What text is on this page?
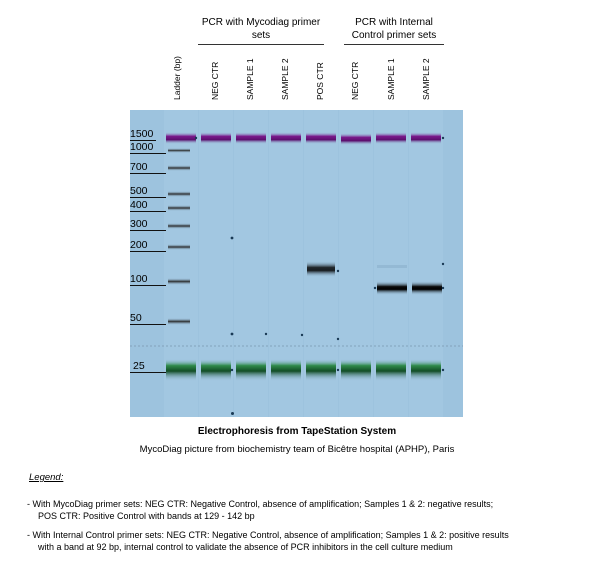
PCR with Mycodiag primer sets
PCR with Internal Control primer sets
Ladder (bp)	NEG CTR	SAMPLE 1	SAMPLE 2	POS CTR	NEG CTR	SAMPLE 1	SAMPLE 2
1500
1000
700
500
400
300
200
100
50
25
Electrophoresis from TapeStation System
MycoDiag picture from biochemistry team of Bicêtre hospital (APHP), Paris
Legend:
- With MycoDiag primer sets: NEG CTR: Negative Control, absence of amplification; Samples 1 & 2: negative results;
POS CTR: Positive Control with bands at 129 - 142 bp
- With Internal Control primer sets: NEG CTR: Negative Control, absence of amplification; Samples 1 & 2: positive results
with a band at 92 bp, internal control to validate the absence of PCR inhibitors in the cell culture medium
